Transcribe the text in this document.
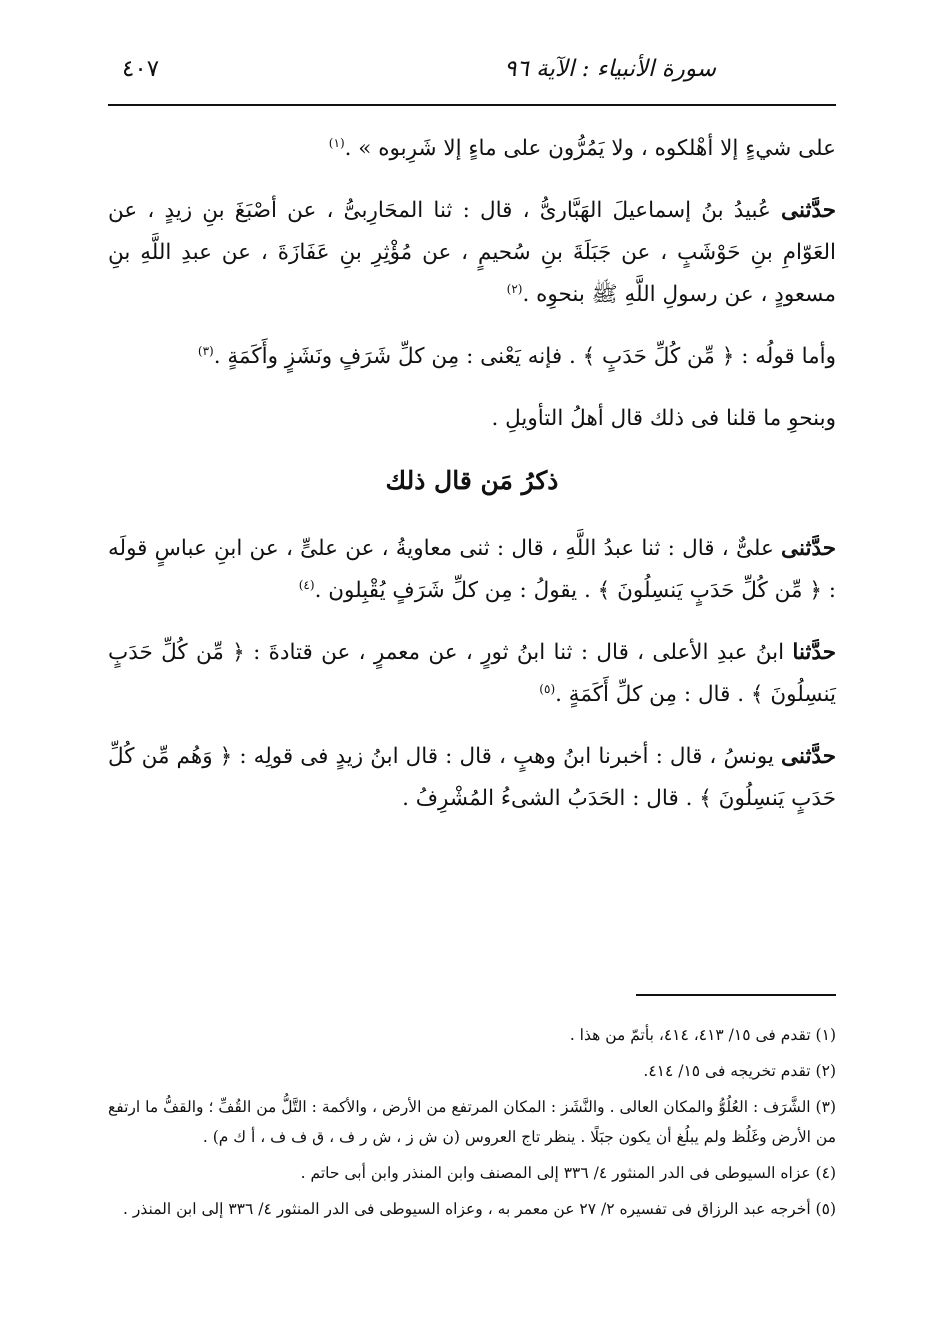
سورة الأنبياء : الآية ٩٦
٤٠٧

على شيءٍ إلا أهْلكوه ، ولا يَمُرُّون على ماءٍ إلا شَرِبوه » .$^{(١)}$

حدَّثنى عُبيدُ بنُ إسماعيلَ الهَبَّارىُّ ، قال : ثنا المحَارِبىُّ ، عن أصْبَغَ بنِ زيدٍ ، عن العَوّامِ بنِ حَوْشَبٍ ، عن جَبَلَةَ بنِ سُحيمٍ ، عن مُؤْثِرِ بنِ عَفَازَةَ ، عن عبدِ اللَّهِ بنِ مسعودٍ ، عن رسولِ اللَّهِ ﷺ بنحوِه .$^{(٢)}$

وأما قولُه : ﴿ مِّن كُلِّ حَدَبٍ ﴾ . فإنه يَعْنى : مِن كلِّ شَرَفٍ ونَشَزٍ وأَكَمَةٍ .$^{(٣)}$

وبنحوِ ما قلنا فى ذلك قال أهلُ التأويلِ .

ذكرُ مَن قال ذلك

حدَّثنى علىٌّ ، قال : ثنا عبدُ اللَّهِ ، قال : ثنى معاويةُ ، عن علىٍّ ، عن ابنِ عباسٍ قولَه : ﴿ مِّن كُلِّ حَدَبٍ يَنسِلُونَ ﴾ . يقولُ : مِن كلِّ شَرَفٍ يُقْبِلون .$^{(٤)}$

حدَّثنا ابنُ عبدِ الأعلى ، قال : ثنا ابنُ ثورٍ ، عن معمرٍ ، عن قتادةَ : ﴿ مِّن كُلِّ حَدَبٍ يَنسِلُونَ ﴾ . قال : مِن كلِّ أَكَمَةٍ .$^{(٥)}$

حدَّثنى يونسُ ، قال : أخبرنا ابنُ وهبٍ ، قال : قال ابنُ زيدٍ فى قولِه : ﴿ وَهُم مِّن كُلِّ حَدَبٍ يَنسِلُونَ ﴾ . قال : الحَدَبُ الشىءُ المُشْرِفُ .

(١) تقدم فى ١٥/ ٤١٣، ٤١٤، بأتمّ من هذا .

(٢) تقدم تخريجه فى ١٥/ ٤١٤.

(٣) الشَّرَف : العُلُوُّ والمكان العالى . والنَّشَز : المكان المرتفع من الأرض ، والأكمة : التَّلُّ من القُفِّ ؛ والقفُّ ما ارتفع من الأرض وغَلُظ ولم يبلُغ أن يكون جبَلًا . ينظر تاج العروس (ن ش ز ، ش ر ف ، ق ف ف ، أ ك م) .

(٤) عزاه السيوطى فى الدر المنثور ٤/ ٣٣٦ إلى المصنف وابن المنذر وابن أبى حاتم .

(٥) أخرجه عبد الرزاق فى تفسيره ٢/ ٢٧ عن معمر به ، وعزاه السيوطى فى الدر المنثور ٤/ ٣٣٦ إلى ابن المنذر .
